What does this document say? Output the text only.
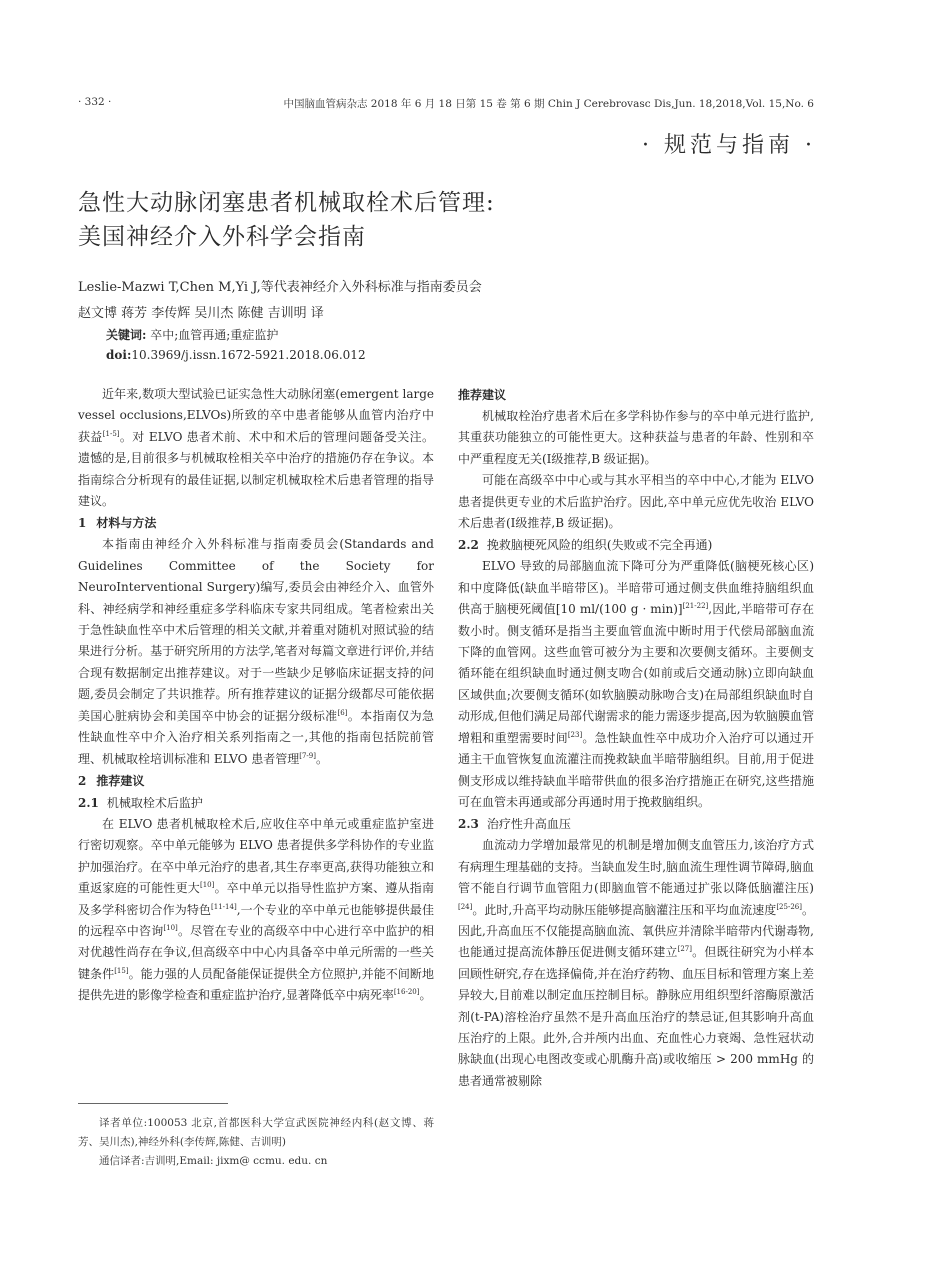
· 332 ·	中国脑血管病杂志 2018 年 6 月 18 日第 15 卷 第 6 期 Chin J Cerebrovasc Dis,Jun. 18,2018,Vol. 15,No. 6
· 规范与指南 ·
急性大动脉闭塞患者机械取栓术后管理:
美国神经介入外科学会指南
Leslie-Mazwi T,Chen M,Yi J,等代表神经介入外科标准与指南委员会
赵文博 蒋芳 李传辉 吴川杰 陈健 吉训明 译
关键词: 卒中;血管再通;重症监护
doi:10.3969/j.issn.1672-5921.2018.06.012

近年来,数项大型试验已证实急性大动脉闭塞(emergent large vessel occlusions,ELVOs)所致的卒中患者能够从血管内治疗中获益[1-5]。对 ELVO 患者术前、术中和术后的管理问题备受关注。遗憾的是,目前很多与机械取栓相关卒中治疗的措施仍存在争议。本指南综合分析现有的最佳证据,以制定机械取栓术后患者管理的指导建议。

1 材料与方法

本指南由神经介入外科标准与指南委员会(Standards and Guidelines Committee of the Society for NeuroInterventional Surgery)编写,委员会由神经介入、血管外科、神经病学和神经重症多学科临床专家共同组成。笔者检索出关于急性缺血性卒中术后管理的相关文献,并着重对随机对照试验的结果进行分析。基于研究所用的方法学,笔者对每篇文章进行评价,并结合现有数据制定出推荐建议。对于一些缺少足够临床证据支持的问题,委员会制定了共识推荐。所有推荐建议的证据分级都尽可能依据美国心脏病协会和美国卒中协会的证据分级标准[6]。本指南仅为急性缺血性卒中介入治疗相关系列指南之一,其他的指南包括院前管理、机械取栓培训标准和 ELVO 患者管理[7-9]。

2 推荐建议
2.1 机械取栓术后监护

在 ELVO 患者机械取栓术后,应收住卒中单元或重症监护室进行密切观察。卒中单元能够为 ELVO 患者提供多学科协作的专业监护加强治疗。在卒中单元治疗的患者,其生存率更高,获得功能独立和重返家庭的可能性更大[10]。卒中单元以指导性监护方案、遵从指南及多学科密切合作为特色[11-14],一个专业的卒中单元也能够提供最佳的远程卒中咨询[10]。尽管在专业的高级卒中中心进行卒中监护的相对优越性尚存在争议,但高级卒中中心内具备卒中单元所需的一些关键条件[15]。能力强的人员配备能保证提供全方位照护,并能不间断地提供先进的影像学检查和重症监护治疗,显著降低卒中病死率[16-20]。

译者单位:100053 北京,首都医科大学宣武医院神经内科(赵文博、蒋芳、吴川杰),神经外科(李传辉,陈健、吉训明)

通信译者:吉训明,Email: jixm@ ccmu. edu. cn

推荐建议

机械取栓治疗患者术后在多学科协作参与的卒中单元进行监护,其重获功能独立的可能性更大。这种获益与患者的年龄、性别和卒中严重程度无关(Ⅰ级推荐,B 级证据)。

可能在高级卒中中心或与其水平相当的卒中中心,才能为 ELVO 患者提供更专业的术后监护治疗。因此,卒中单元应优先收治 ELVO 术后患者(Ⅰ级推荐,B 级证据)。

2.2 挽救脑梗死风险的组织(失败或不完全再通)

ELVO 导致的局部脑血流下降可分为严重降低(脑梗死核心区)和中度降低(缺血半暗带区)。半暗带可通过侧支供血维持脑组织血供高于脑梗死阈值[10 ml/(100 g · min)][21-22],因此,半暗带可存在数小时。侧支循环是指当主要血管血流中断时用于代偿局部脑血流下降的血管网。这些血管可被分为主要和次要侧支循环。主要侧支循环能在组织缺血时通过侧支吻合(如前或后交通动脉)立即向缺血区域供血;次要侧支循环(如软脑膜动脉吻合支)在局部组织缺血时自动形成,但他们满足局部代谢需求的能力需逐步提高,因为软脑膜血管增粗和重塑需要时间[23]。急性缺血性卒中成功介入治疗可以通过开通主干血管恢复血流灌注而挽救缺血半暗带脑组织。目前,用于促进侧支形成以维持缺血半暗带供血的很多治疗措施正在研究,这些措施可在血管未再通或部分再通时用于挽救脑组织。

2.3 治疗性升高血压

血流动力学增加最常见的机制是增加侧支血管压力,该治疗方式有病理生理基础的支持。当缺血发生时,脑血流生理性调节障碍,脑血管不能自行调节血管阻力(即脑血管不能通过扩张以降低脑灌注压)[24]。此时,升高平均动脉压能够提高脑灌注压和平均血流速度[25-26]。因此,升高血压不仅能提高脑血流、氧供应并清除半暗带内代谢毒物,也能通过提高流体静压促进侧支循环建立[27]。但既往研究为小样本回顾性研究,存在选择偏倚,并在治疗药物、血压目标和管理方案上差异较大,目前难以制定血压控制目标。静脉应用组织型纤溶酶原激活剂(t-PA)溶栓治疗虽然不是升高血压治疗的禁忌证,但其影响升高血压治疗的上限。此外,合并颅内出血、充血性心力衰竭、急性冠状动脉缺血(出现心电图改变或心肌酶升高)或收缩压 > 200 mmHg 的患者通常被剔除
